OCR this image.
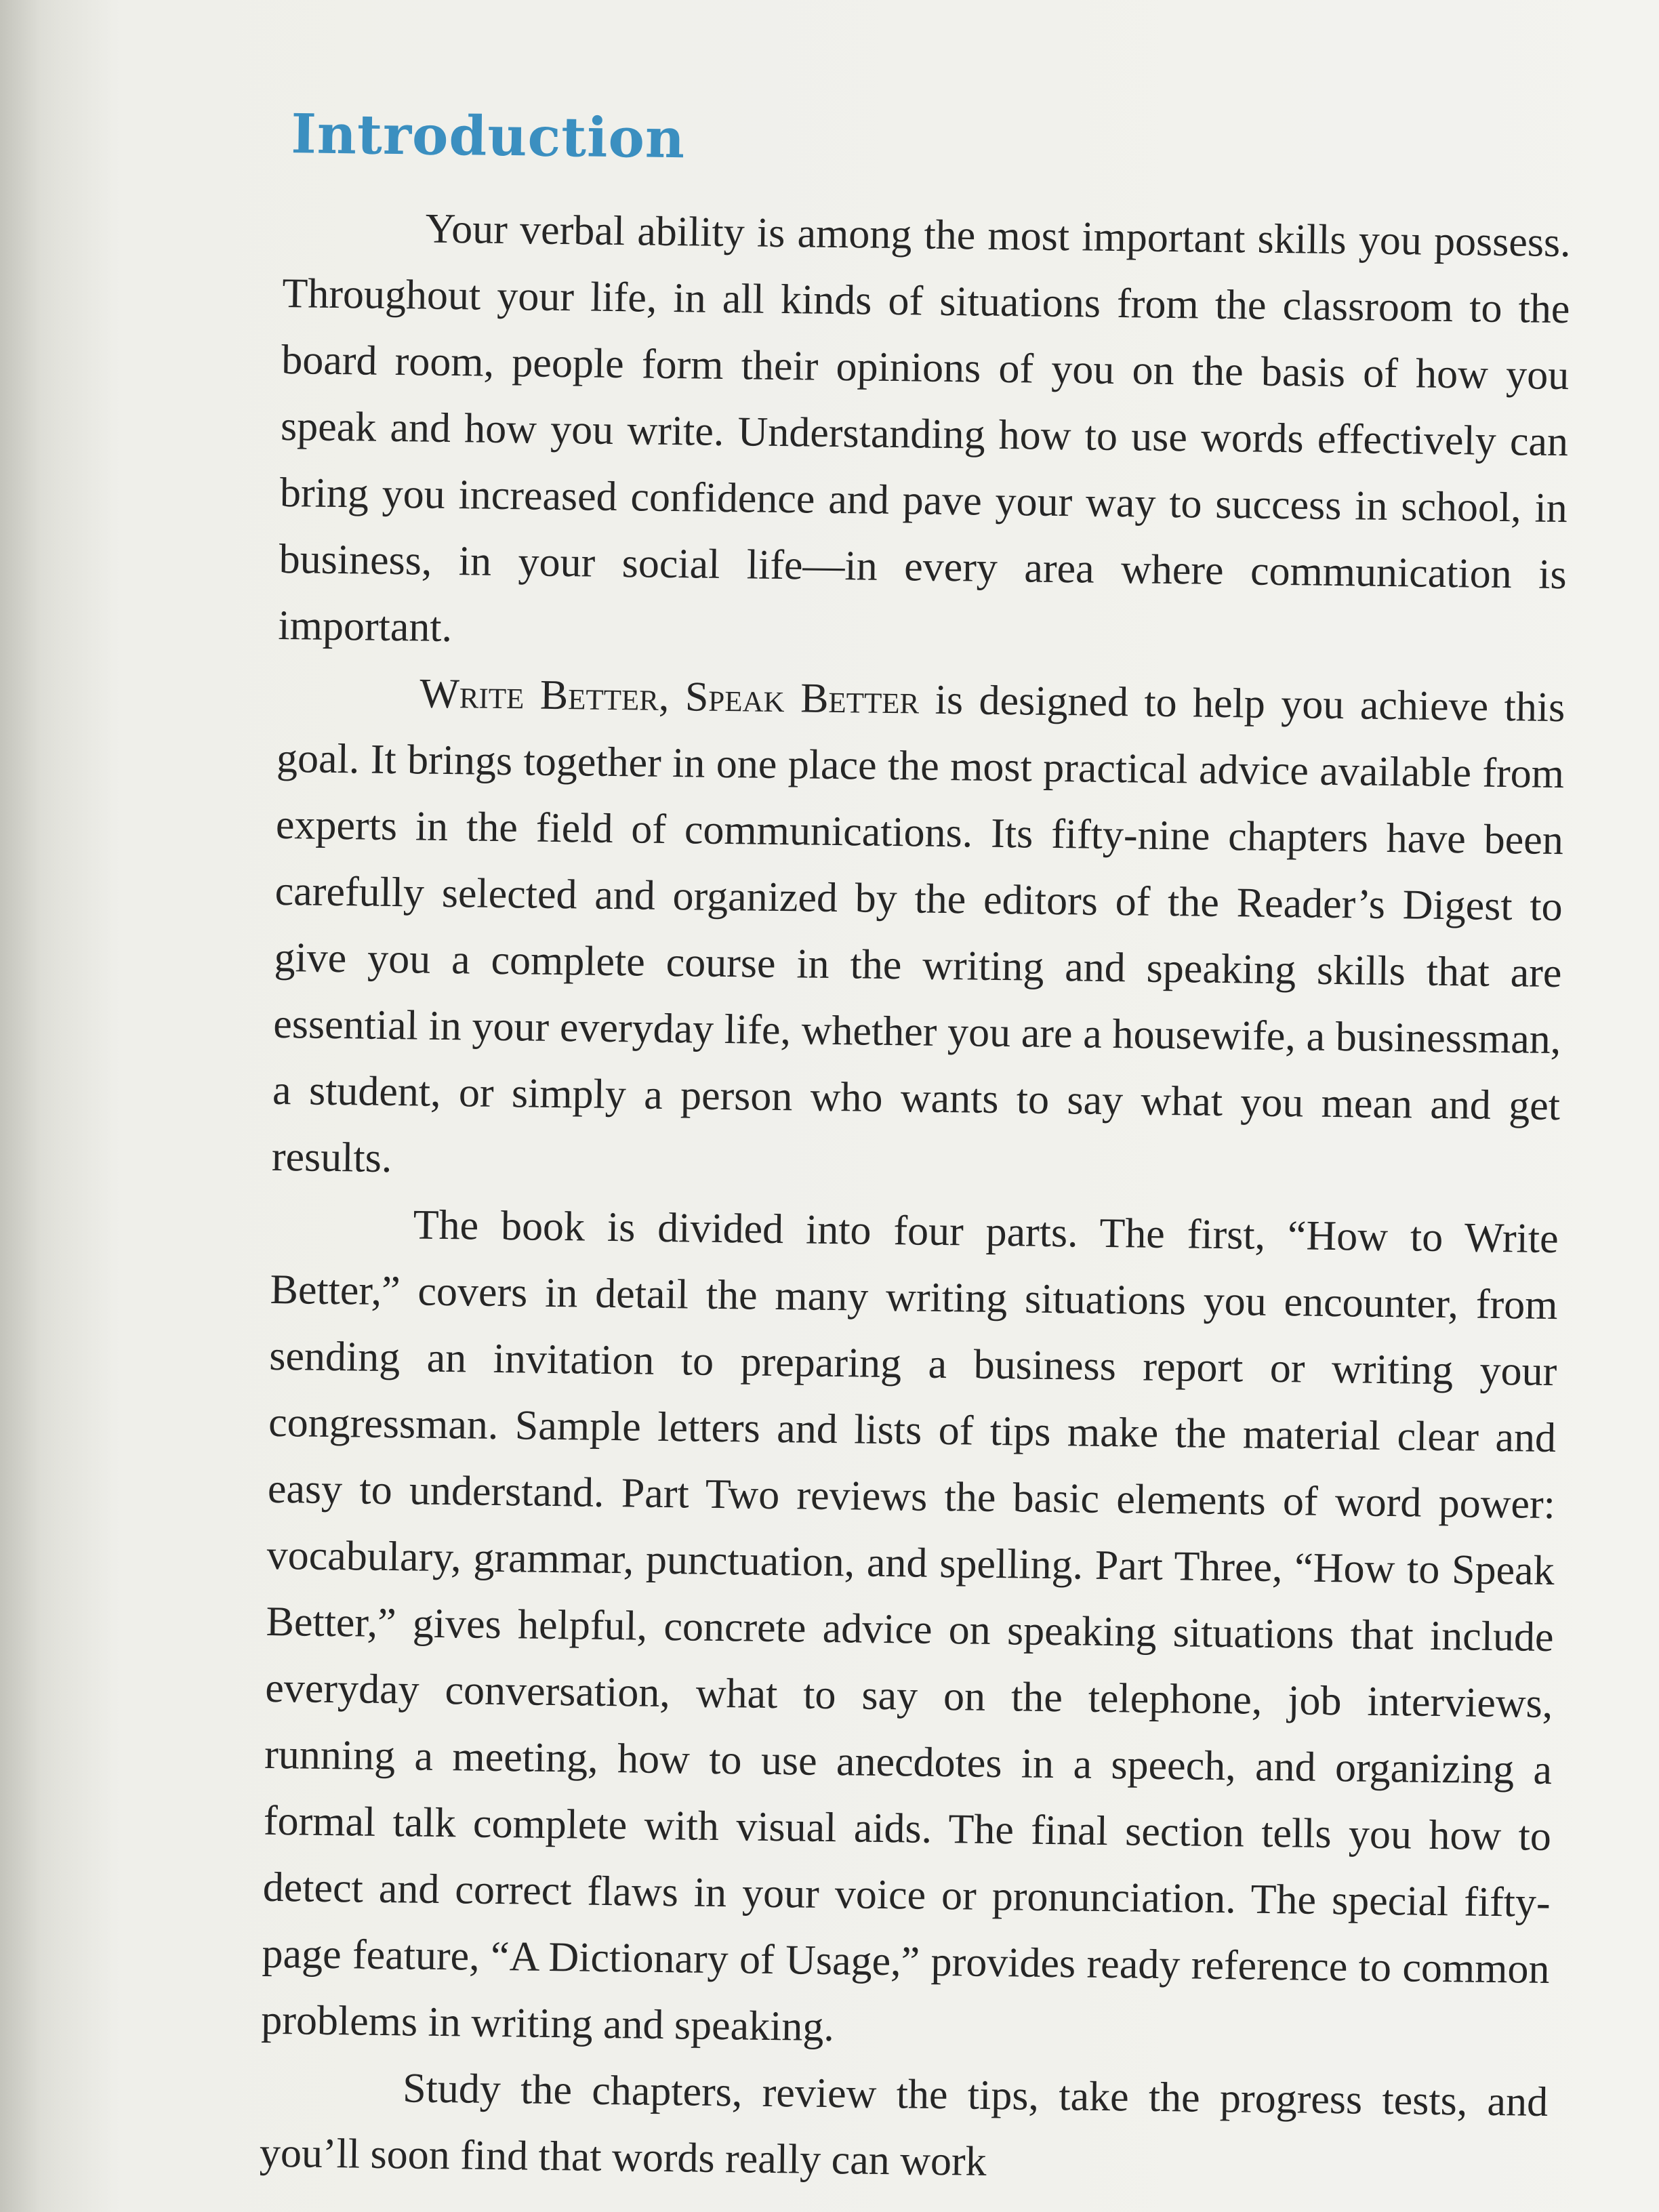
Introduction

Your verbal ability is among the most important skills you possess. Throughout your life, in all kinds of situations from the classroom to the board room, people form their opinions of you on the basis of how you speak and how you write. Understanding how to use words effectively can bring you increased confidence and pave your way to success in school, in business, in your social life—in every area where communication is important.

Write Better, Speak Better is designed to help you achieve this goal. It brings together in one place the most practical advice available from experts in the field of communications. Its fifty-nine chapters have been carefully selected and organized by the editors of the Reader’s Digest to give you a complete course in the writing and speaking skills that are essential in your everyday life, whether you are a housewife, a businessman, a student, or simply a person who wants to say what you mean and get results.

The book is divided into four parts. The first, “How to Write Better,” covers in detail the many writing situations you encounter, from sending an invitation to preparing a business report or writing your congressman. Sample letters and lists of tips make the material clear and easy to understand. Part Two reviews the basic elements of word power: vocabulary, grammar, punctuation, and spelling. Part Three, “How to Speak Better,” gives helpful, concrete advice on speaking situations that include everyday conversation, what to say on the telephone, job interviews, running a meeting, how to use anecdotes in a speech, and organizing a formal talk complete with visual aids. The final section tells you how to detect and correct flaws in your voice or pronunciation. The special fifty-page feature, “A Dictionary of Usage,” provides ready reference to common problems in writing and speaking.

Study the chapters, review the tips, take the progress tests, and you’ll soon find that words really can work
